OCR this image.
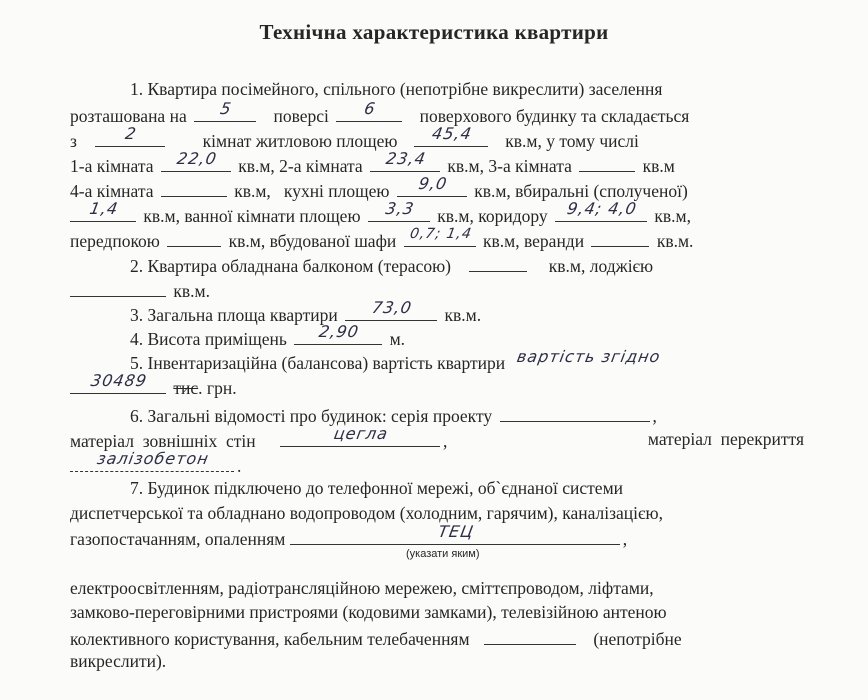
Технічна характеристика квартири
1. Квартира посімейного, спільного (непотрібне викреслити) заселення
розташована на	5	поверсі	6	поверхового будинку та складається
з	2	кімнат житловою площею	45,4	кв.м, у тому числі
1-а кімната	22,0	кв.м, 2-а кімната	23,4	кв.м, 3-а кімната	кв.м
4-а кімната	кв.м,   кухні площею	9,0	кв.м, вбиральні (сполученої)
1,4	кв.м, ванної кімнати площею	3,3	кв.м, коридору	9,4; 4,0 кв.м,
передпокою	кв.м, вбудованої шафи 0,7; 1,4 кв.м, веранди	кв.м.
2. Квартира обладнана балконом (терасою)	кв.м, лоджією
кв.м.
3. Загальна площа квартири	73,0	кв.м.
4. Висота приміщень	2,90	м.
5. Інвентаризаційна (балансова) вартість квартири вартість згідно
30489	тис. грн.
6. Загальні відомості про будинок: серія проекту	,
матеріал  зовнішніх  стін	цегла	,	матеріал  перекриття
залізобетон	.
7. Будинок підключено до телефонної мережі, об`єднаної системи
диспетчерської та обладнано водопроводом (холодним, гарячим), каналізацією,
газопостачанням, опаленням	ТЕЦ	,
(указати яким)
електроосвітленням, радіотрансляційною мережею, сміттєпроводом, ліфтами,
замково-переговірними пристроями (кодовими замками), телевізійною антеною
колективного користування, кабельним телебаченням	(непотрібне
викреслити).
